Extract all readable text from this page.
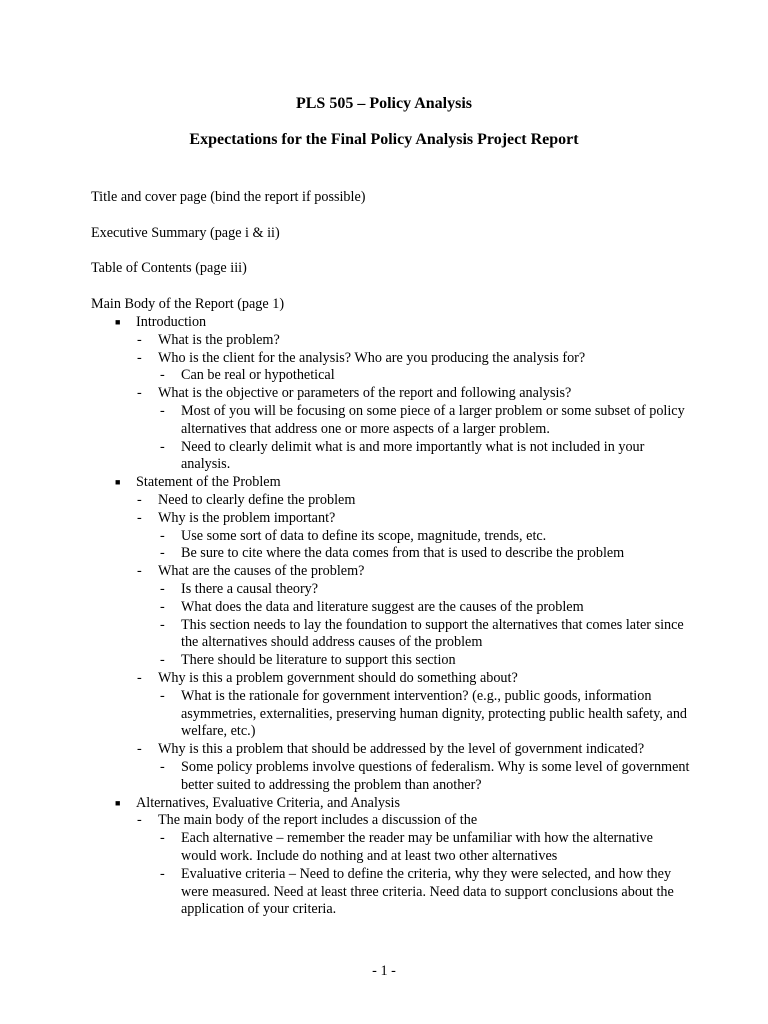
PLS 505 – Policy Analysis
Expectations for the Final Policy Analysis Project Report
Title and cover page (bind the report if possible)
Executive Summary (page i & ii)
Table of Contents (page iii)
Main Body of the Report (page 1)
■ Introduction
- What is the problem?
- Who is the client for the analysis? Who are you producing the analysis for?
- Can be real or hypothetical
- What is the objective or parameters of the report and following analysis?
- Most of you will be focusing on some piece of a larger problem or some subset of policy alternatives that address one or more aspects of a larger problem.
- Need to clearly delimit what is and more importantly what is not included in your analysis.
■ Statement of the Problem
- Need to clearly define the problem
- Why is the problem important?
- Use some sort of data to define its scope, magnitude, trends, etc.
- Be sure to cite where the data comes from that is used to describe the problem
- What are the causes of the problem?
- Is there a causal theory?
- What does the data and literature suggest are the causes of the problem
- This section needs to lay the foundation to support the alternatives that comes later since the alternatives should address causes of the problem
- There should be literature to support this section
- Why is this a problem government should do something about?
- What is the rationale for government intervention? (e.g., public goods, information asymmetries, externalities, preserving human dignity, protecting public health safety, and welfare, etc.)
- Why is this a problem that should be addressed by the level of government indicated?
- Some policy problems involve questions of federalism. Why is some level of government better suited to addressing the problem than another?
■ Alternatives, Evaluative Criteria, and Analysis
- The main body of the report includes a discussion of the
- Each alternative – remember the reader may be unfamiliar with how the alternative would work. Include do nothing and at least two other alternatives
- Evaluative criteria – Need to define the criteria, why they were selected, and how they were measured. Need at least three criteria. Need data to support conclusions about the application of your criteria.
- 1 -
